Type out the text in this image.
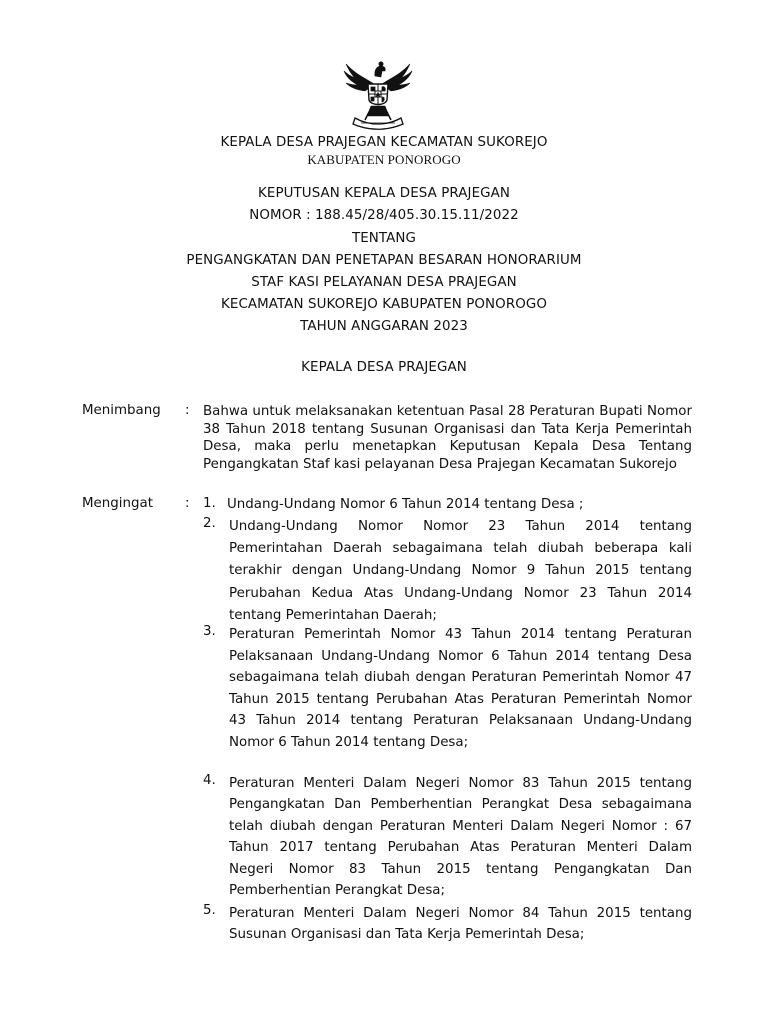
KEPALA DESA PRAJEGAN KECAMATAN SUKOREJO
KABUPATEN PONOROGO
KEPUTUSAN KEPALA DESA PRAJEGAN
NOMOR : 188.45/28/405.30.15.11/2022
TENTANG
PENGANGKATAN DAN PENETAPAN BESARAN HONORARIUM
STAF KASI PELAYANAN DESA PRAJEGAN
KECAMATAN SUKOREJO KABUPATEN PONOROGO
TAHUN ANGGARAN 2023
KEPALA DESA PRAJEGAN
Menimbang : Bahwa untuk melaksanakan ketentuan Pasal 28 Peraturan Bupati Nomor 38 Tahun 2018 tentang Susunan Organisasi dan Tata Kerja Pemerintah Desa, maka perlu menetapkan Keputusan Kepala Desa Tentang Pengangkatan Staf kasi pelayanan Desa Prajegan Kecamatan Sukorejo
Mengingat : 1. Undang-Undang Nomor 6 Tahun 2014 tentang Desa ;
2. Undang-Undang Nomor Nomor 23 Tahun 2014 tentang Pemerintahan Daerah sebagaimana telah diubah beberapa kali terakhir dengan Undang-Undang Nomor 9 Tahun 2015 tentang Perubahan Kedua Atas Undang-Undang Nomor 23 Tahun 2014 tentang Pemerintahan Daerah;
3. Peraturan Pemerintah Nomor 43 Tahun 2014 tentang Peraturan Pelaksanaan Undang-Undang Nomor 6 Tahun 2014 tentang Desa sebagaimana telah diubah dengan Peraturan Pemerintah Nomor 47 Tahun 2015 tentang Perubahan Atas Peraturan Pemerintah Nomor 43 Tahun 2014 tentang Peraturan Pelaksanaan Undang-Undang Nomor 6 Tahun 2014 tentang Desa;
4. Peraturan Menteri Dalam Negeri Nomor 83 Tahun 2015 tentang Pengangkatan Dan Pemberhentian Perangkat Desa sebagaimana telah diubah dengan Peraturan Menteri Dalam Negeri Nomor : 67 Tahun 2017 tentang Perubahan Atas Peraturan Menteri Dalam Negeri Nomor 83 Tahun 2015 tentang Pengangkatan Dan Pemberhentian Perangkat Desa;
5. Peraturan Menteri Dalam Negeri Nomor 84 Tahun 2015 tentang Susunan Organisasi dan Tata Kerja Pemerintah Desa;
